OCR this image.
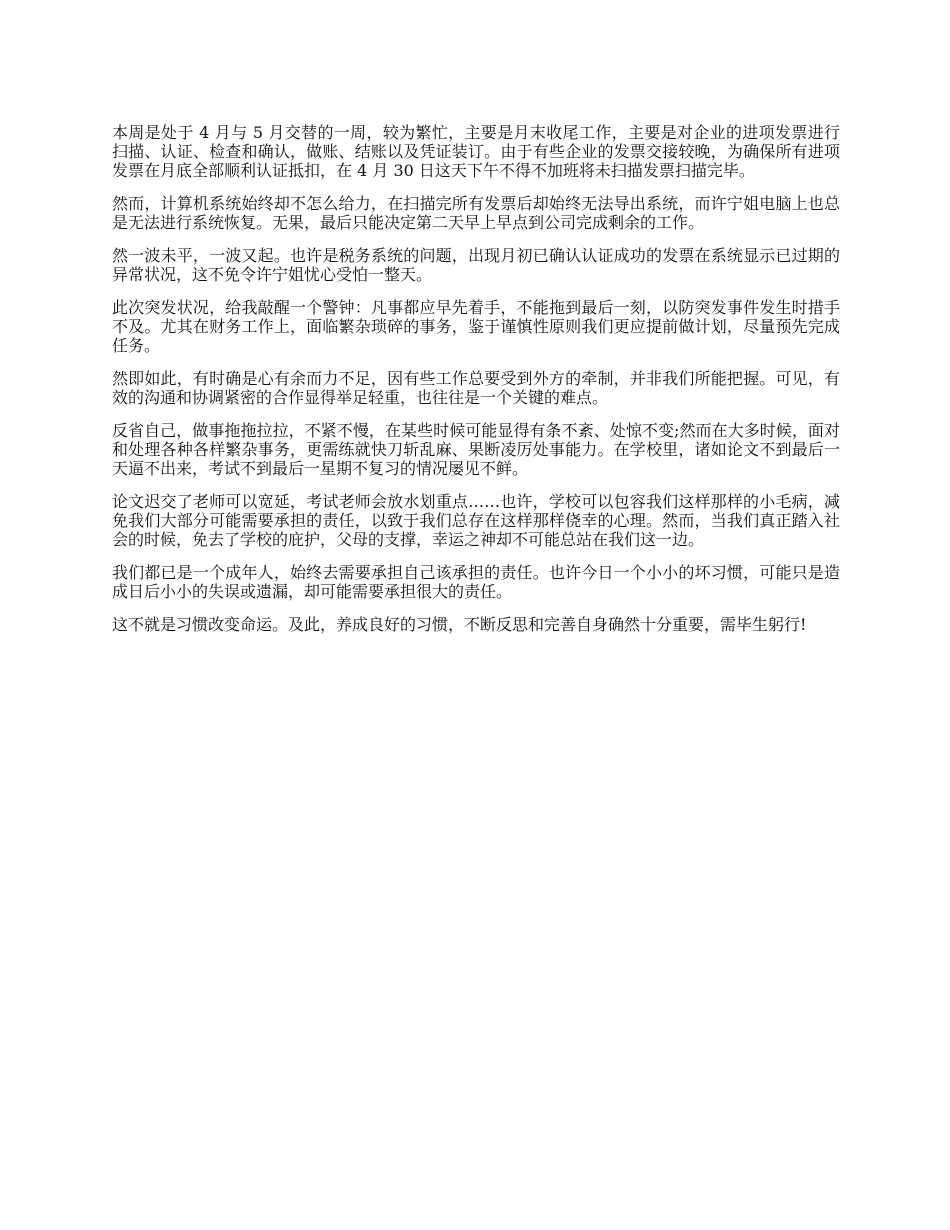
本周是处于 4 月与 5 月交替的一周，较为繁忙，主要是月末收尾工作，主要是对企业的进项发票进行扫描、认证、检查和确认，做账、结账以及凭证装订。由于有些企业的发票交接较晚，为确保所有进项发票在月底全部顺利认证抵扣，在 4 月 30 日这天下午不得不加班将未扫描发票扫描完毕。

然而，计算机系统始终却不怎么给力，在扫描完所有发票后却始终无法导出系统，而许宁姐电脑上也总是无法进行系统恢复。无果，最后只能决定第二天早上早点到公司完成剩余的工作。

然一波未平，一波又起。也许是税务系统的问题，出现月初已确认认证成功的发票在系统显示已过期的异常状况，这不免令许宁姐忧心受怕一整天。

此次突发状况，给我敲醒一个警钟：凡事都应早先着手，不能拖到最后一刻，以防突发事件发生时措手不及。尤其在财务工作上，面临繁杂琐碎的事务，鉴于谨慎性原则我们更应提前做计划，尽量预先完成任务。

然即如此，有时确是心有余而力不足，因有些工作总要受到外方的牵制，并非我们所能把握。可见，有效的沟通和协调紧密的合作显得举足轻重，也往往是一个关键的难点。

反省自己，做事拖拖拉拉，不紧不慢，在某些时候可能显得有条不紊、处惊不变;然而在大多时候，面对和处理各种各样繁杂事务，更需练就快刀斩乱麻、果断凌厉处事能力。在学校里，诸如论文不到最后一天逼不出来，考试不到最后一星期不复习的情况屡见不鲜。

论文迟交了老师可以宽延，考试老师会放水划重点……也许，学校可以包容我们这样那样的小毛病，减免我们大部分可能需要承担的责任，以致于我们总存在这样那样侥幸的心理。然而，当我们真正踏入社会的时候，免去了学校的庇护，父母的支撑，幸运之神却不可能总站在我们这一边。

我们都已是一个成年人，始终去需要承担自己该承担的责任。也许今日一个小小的坏习惯，可能只是造成日后小小的失误或遗漏，却可能需要承担很大的责任。

这不就是习惯改变命运。及此，养成良好的习惯，不断反思和完善自身确然十分重要，需毕生躬行!
